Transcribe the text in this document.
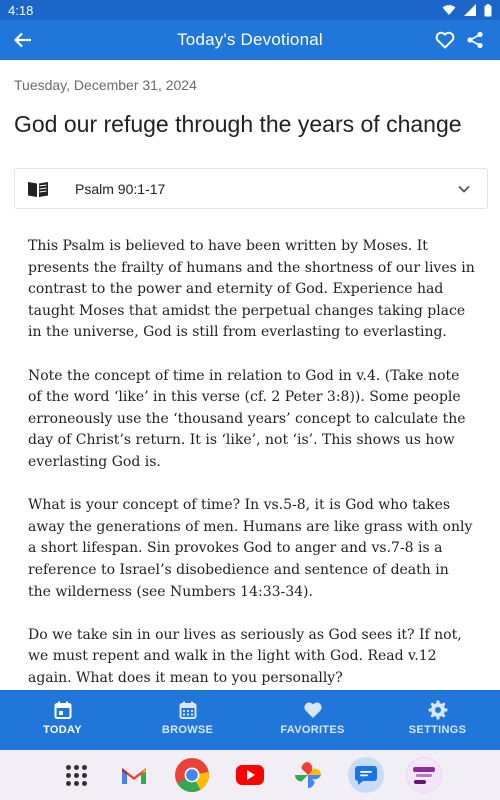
4:18
Today's Devotional
Tuesday, December 31, 2024
God our refuge through the years of change
Psalm 90:1-17

This Psalm is believed to have been written by Moses. It presents the frailty of humans and the shortness of our lives in contrast to the power and eternity of God. Experience had taught Moses that amidst the perpetual changes taking place in the universe, God is still from everlasting to everlasting.

Note the concept of time in relation to God in v.4. (Take note of the word ‘like’ in this verse (cf. 2 Peter 3:8)). Some people erroneously use the ‘thousand years’ concept to calculate the day of Christ’s return. It is ‘like’, not ‘is’. This shows us how everlasting God is.

What is your concept of time? In vs.5-8, it is God who takes away the generations of men. Humans are like grass with only a short lifespan. Sin provokes God to anger and vs.7-8 is a reference to Israel’s disobedience and sentence of death in the wilderness (see Numbers 14:33-34).

Do we take sin in our lives as seriously as God sees it? If not, we must repent and walk in the light with God. Read v.12 again. What does it mean to you personally?

TODAY	BROWSE	FAVORITES	SETTINGS
